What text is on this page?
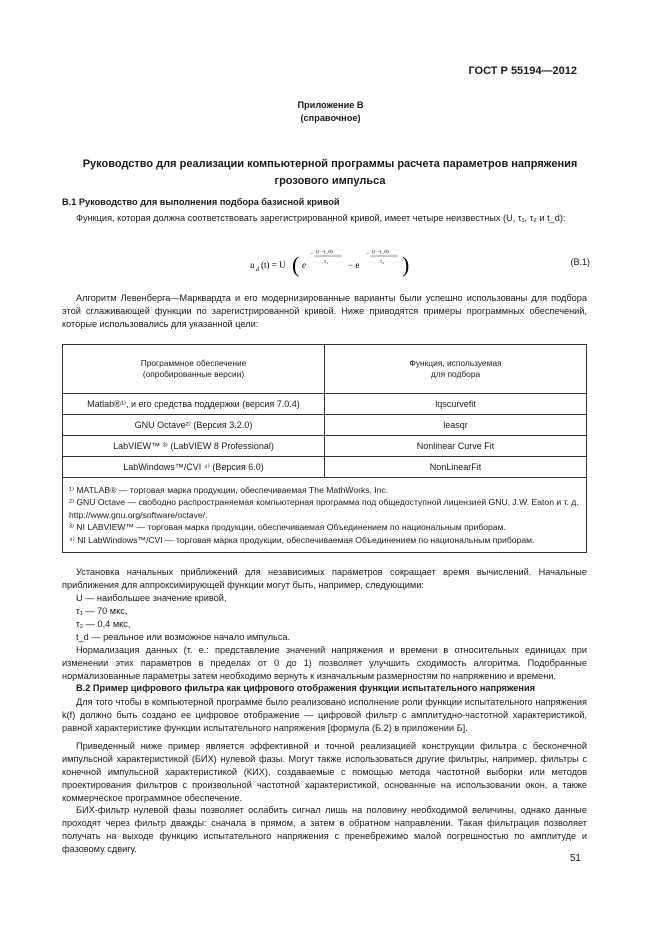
ГОСТ Р 55194—2012
Приложение В
(справочное)
Руководство для реализации компьютерной программы расчета параметров напряжения
грозового импульса
В.1 Руководство для выполнения подбора базисной кривой
Функция, которая должна соответствовать зарегистрированной кривой, имеет четыре неизвестных (U, τ₁, τ₂ и t_d):
u d (t) = U ( e
− (t −t_d)
τ₁ − e
− (t −t_d)
τ₂ )	(В.1)
Алгоритм Левенберга—Марквардта и его модернизированные варианты были успешно использованы для подбора этой сглаживающей функции по зарегистрированной кривой. Ниже приводятся примеры программных обеспечений, которые использовались для указанной цели:
Программное обеспечение
(опробированные версии)	Функция, используемая
для подбора

Matlab®¹⁾, и его средства поддержки (версия 7.0.4)	lqscurvefit
GNU Octave²⁾ (Версия 3.2.0)	leasqr
LabVIEW™ ³⁾ (LabVIEW 8 Professional)	Nonlinear Curve Fit
LabWindows™/CVI ⁴⁾ (Версия 6.0)	NonLinearFit

¹⁾ MATLAB® — торговая марка продукции, обеспечиваемая The MathWorks, Inc.
²⁾ GNU Octave — свободно распространяемая компьютерная программа под общедоступной лицензией GNU, J.W. Eaton и т. д. http://www.gnu.org/software/octave/.
³⁾ NI LABVIEW™ — торговая марка продукции, обеспечиваемая Объединением по национальным приборам.
⁴⁾ NI LabWindows™/CVI — торговая марка продукции, обеспечиваемая Объединением по национальным приборам.	
Установка начальных приближений для независимых параметров сокращает время вычислений. Начальные приближения для аппроксимирующей функции могут быть, например, следующими:
U — наибольшее значение кривой,
τ₁ — 70 мкс,
τ₂ — 0,4 мкс,
t_d — реальное или возможное начало импульса.
Нормализация данных (т. е.: представление значений напряжения и времени в относительных единицах при изменении этих параметров в пределах от 0 до 1) позволяет улучшить сходимость алгоритма. Подобранные нормализованные параметры затем необходимо вернуть к изначальным размерностям по напряжению и времени.
В.2 Пример цифрового фильтра как цифрового отображения функции испытательного напряжения
Для того чтобы в компьютерной программе было реализовано исполнение роли функции испытательного напряжения k(f) должно быть создано ее цифровое отображение — цифровой фильтр с амплитудно-частотной характеристикой, равной характеристике функции испытательного напряжения [формула (Б.2) в приложении Б].
Приведенный ниже пример является эффективной и точной реализацией конструкции фильтра с бесконечной импульсной характеристикой (БИХ) нулевой фазы. Могут также использоваться другие фильтры, например, фильтры с конечной импульсной характеристикой (КИХ), создаваемые с помощью метода частотной выборки или методов проектирования фильтров с произвольной частотной характеристикой, основанные на использовании окон, а также коммерческое программное обеспечение.
БИХ-фильтр нулевой фазы позволяет ослабить сигнал лишь на половину необходимой величины, однако данные проходят через фильтр дважды: сначала в прямом, а затем в обратном направлении. Такая фильтрация позволяет получать на выходе функцию испытательного напряжения с пренебрежимо малой погрешностью по амплитуде и фазовому сдвигу.
51
